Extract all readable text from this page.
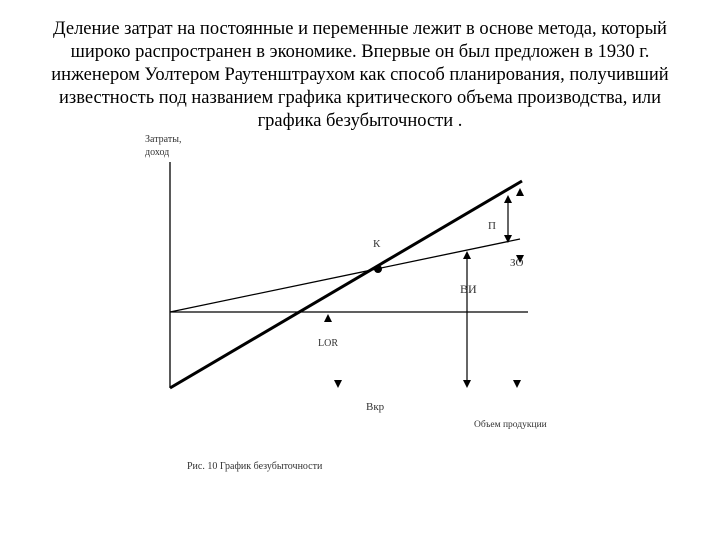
Деление затрат на постоянные и переменные лежит в основе метода, который
широко распространен в экономике. Впервые он был предложен в 1930 г.
инженером Уолтером Раутенштраухом как способ планирования, получивший
известность под названием графика критического объема производства, или
графика безубыточности .
Затраты,
доход
К
П
ЗО
ВИ
LOR
Вкр
Объем продукции
Рис. 10 График безубыточности
